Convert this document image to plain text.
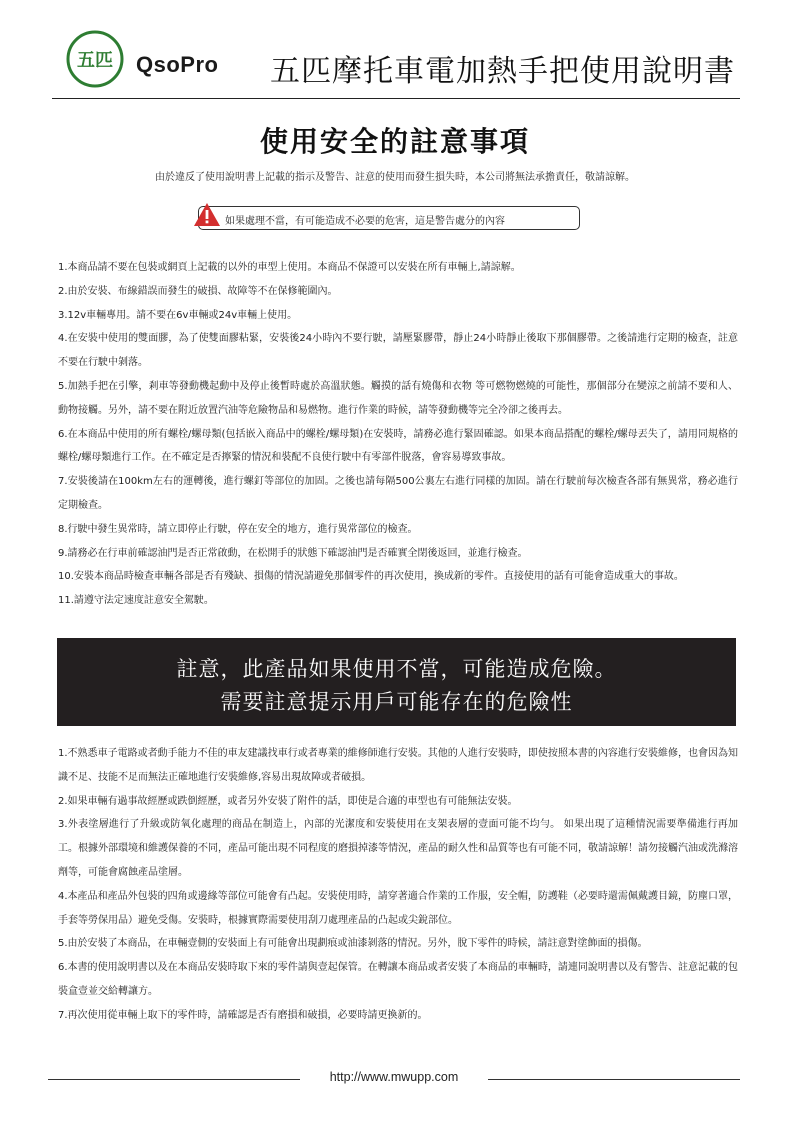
五匹 QsoPro 五匹摩托車電加熱手把使用說明書
使用安全的註意事項
由於違反了使用說明書上記載的指示及警告、註意的使用而發生損失時，本公司將無法承擔責任，敬請諒解。
如果處理不當，有可能造成不必要的危害，這是警告處分的內容

1.本商品請不要在包裝或網頁上記載的以外的車型上使用。本商品不保證可以安裝在所有車輛上,請諒解。

2.由於安裝、布線錯誤而發生的破損、故障等不在保修範圍內。

3.12v車輛專用。請不要在6v車輛或24v車輛上使用。

4.在安裝中使用的雙面膠，為了使雙面膠粘緊，安裝後24小時內不要行駛，請壓緊膠帶，靜止24小時靜止後取下那個膠帶。之後請進行定期的檢查，註意不要在行駛中剝落。

5.加熱手把在引擎，剎車等發動機起動中及停止後暫時處於高溫狀態。觸摸的話有燒傷和衣物 等可燃物燃燒的可能性，那個部分在變涼之前請不要和人、動物接觸。另外，請不要在附近放置汽油等危險物品和易燃物。進行作業的時候，請等發動機等完全冷卻之後再去。

6.在本商品中使用的所有螺栓/螺母類(包括嵌入商品中的螺栓/螺母類)在安裝時，請務必進行緊固確認。如果本商品搭配的螺栓/螺母丟失了，請用同規格的螺栓/螺母類進行工作。在不確定是否擰緊的情況和裝配不良使行駛中有零部件脫落，會容易導致事故。

7.安裝後請在100km左右的運轉後，進行螺釘等部位的加固。之後也請每隔500公裏左右進行同樣的加固。請在行駛前每次檢查各部有無異常，務必進行定期檢查。

8.行駛中發生異常時，請立即停止行駛，停在安全的地方，進行異常部位的檢查。

9.請務必在行車前確認油門是否正常啟動，在松開手的狀態下確認油門是否確實全閉後返回，並進行檢查。

10.安裝本商品時檢查車輛各部是否有殘缺、損傷的情況請避免那個零件的再次使用，換成新的零件。直接使用的話有可能會造成重大的事故。

11.請遵守法定速度註意安全駕駛。

註意，此產品如果使用不當，可能造成危險。
需要註意提示用戶可能存在的危險性

1.不熟悉車子電路或者動手能力不佳的車友建議找車行或者專業的維修師進行安裝。其他的人進行安裝時，即使按照本書的內容進行安裝維修，也會因為知識不足、技能不足而無法正確地進行安裝維修,容易出現故障或者破損。

2.如果車輛有過事故經歷或跌倒經歷，或者另外安裝了附件的話，即使是合適的車型也有可能無法安裝。

3.外表塗層進行了升級或防氧化處理的商品在制造上，內部的光潔度和安裝使用在支架表層的壹面可能不均勻。 如果出現了這種情況需要準備進行再加工。根據外部環境和維護保養的不同，產品可能出現不同程度的磨損掉漆等情況，產品的耐久性和品質等也有可能不同，敬請諒解！請勿接觸汽油或洗滌溶劑等，可能會腐蝕產品塗層。

4.本產品和產品外包裝的四角或邊緣等部位可能會有凸起。安裝使用時，請穿著適合作業的工作服，安全帽，防護鞋（必要時還需佩戴護目鏡，防塵口罩，手套等勞保用品）避免受傷。安裝時，根據實際需要使用刮刀處理產品的凸起或尖銳部位。

5.由於安裝了本商品，在車輛壹側的安裝面上有可能會出現劃痕或油漆剝落的情況。另外，脫下零件的時候，請註意對塗飾面的損傷。

6.本書的使用說明書以及在本商品安裝時取下來的零件請與壹起保管。在轉讓本商品或者安裝了本商品的車輛時，請連同說明書以及有警告、註意記載的包裝盒壹並交給轉讓方。

7.再次使用從車輛上取下的零件時，請確認是否有磨損和破損，必要時請更換新的。

http://www.mwupp.com
